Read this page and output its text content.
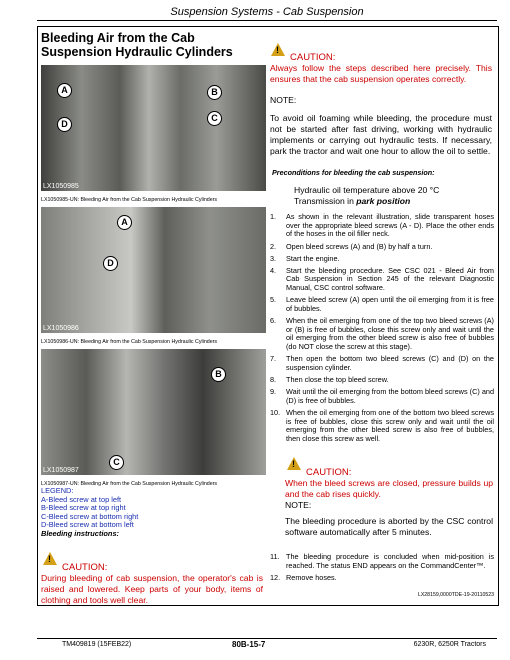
Suspension Systems - Cab Suspension
Bleeding Air from the Cab Suspension Hydraulic Cylinders
A	B
C
D
LX1050985
LX1050985-UN: Bleeding Air from the Cab Suspension Hydraulic Cylinders
A
D
LX1050986
LX1050986-UN: Bleeding Air from the Cab Suspension Hydraulic Cylinders
B
C
LX1050987
LX1050987-UN: Bleeding Air from the Cab Suspension Hydraulic Cylinders
LEGEND:
A-Bleed screw at top left
B-Bleed screw at top right
C-Bleed screw at bottom right
D-Bleed screw at bottom left
Bleeding instructions:
!
CAUTION:
During bleeding of cab suspension, the operator's cab is raised and lowered. Keep parts of your body, items of clothing and tools well clear.
!
CAUTION:
Always follow the steps described here precisely. This ensures that the cab suspension operates correctly.
NOTE:
To avoid oil foaming while bleeding, the procedure must not be started after fast driving, working with hydraulic implements or carrying out hydraulic tests. If necessary, park the tractor and wait one hour to allow the oil to settle.
Preconditions for bleeding the cab suspension:
Hydraulic oil temperature above 20 °C
Transmission in park position
1. As shown in the relevant illustration, slide transparent hoses over the appropriate bleed screws (A - D). Place the other ends of the hoses in the oil filler neck.
2. Open bleed screws (A) and (B) by half a turn.
3. Start the engine.
4. Start the bleeding procedure. See CSC 021 - Bleed Air from Cab Suspension in Section 245 of the relevant Diagnostic Manual, CSC control software.
5. Leave bleed screw (A) open until the oil emerging from it is free of bubbles.
6. When the oil emerging from one of the top two bleed screws (A) or (B) is free of bubbles, close this screw only and wait until the oil emerging from the other bleed screw is also free of bubbles (do NOT close the screw at this stage).
7. Then open the bottom two bleed screws (C) and (D) on the suspension cylinder.
8. Then close the top bleed screw.
9. Wait until the oil emerging from the bottom bleed screws (C) and (D) is free of bubbles.
10. When the oil emerging from one of the bottom two bleed screws is free of bubbles, close this screw only and wait until the oil emerging from the other bleed screw is also free of bubbles, then close this screw as well.
!
CAUTION:
When the bleed screws are closed, pressure builds up and the cab rises quickly.
NOTE:
The bleeding procedure is aborted by the CSC control software automatically after 5 minutes.
11. The bleeding procedure is concluded when mid-position is reached. The status END appears on the CommandCenter™.
12. Remove hoses.
LX28159,0000TDE-19-20110523
TM409819 (15FEB22)	80B-15-7	6230R, 6250R Tractors
